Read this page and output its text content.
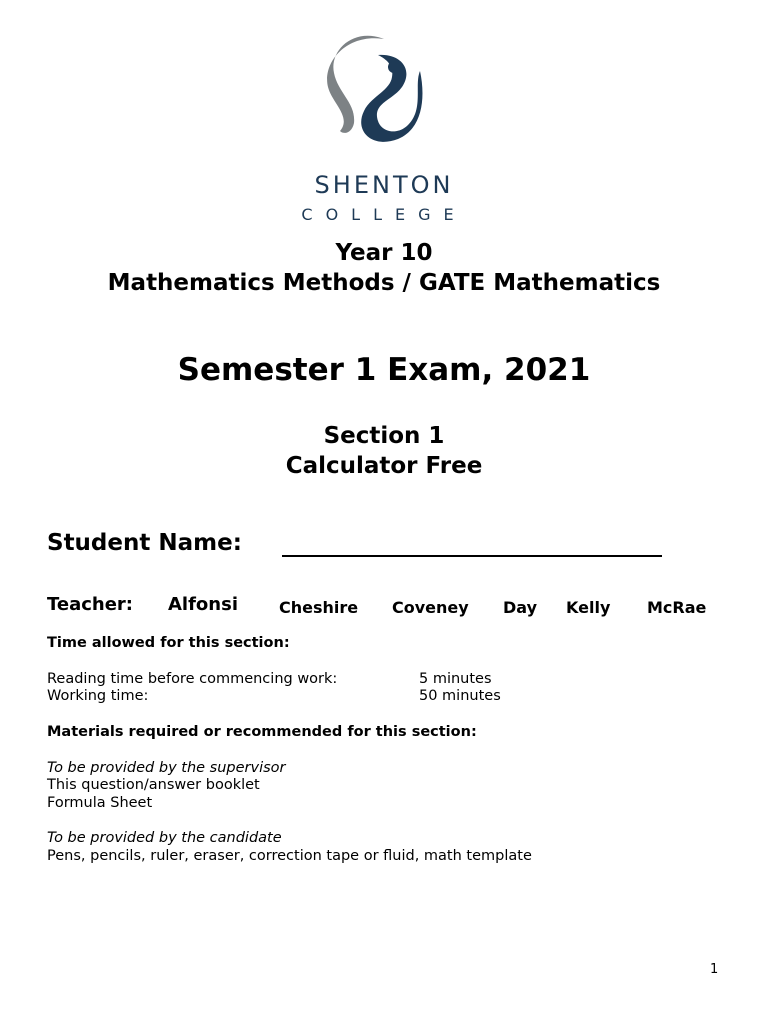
SHENTON
COLLEGE
Year 10
Mathematics Methods / GATE Mathematics
Semester 1 Exam, 2021
Section 1
Calculator Free
Student Name:
Teacher: Alfonsi	Cheshire Coveney Day Kelly McRae
Time allowed for this section:
Reading time before commencing work:	5 minutes
Working time:	50 minutes
Materials required or recommended for this section:
To be provided by the supervisor
This question/answer booklet
Formula Sheet
To be provided by the candidate
Pens, pencils, ruler, eraser, correction tape or fluid, math template
1
